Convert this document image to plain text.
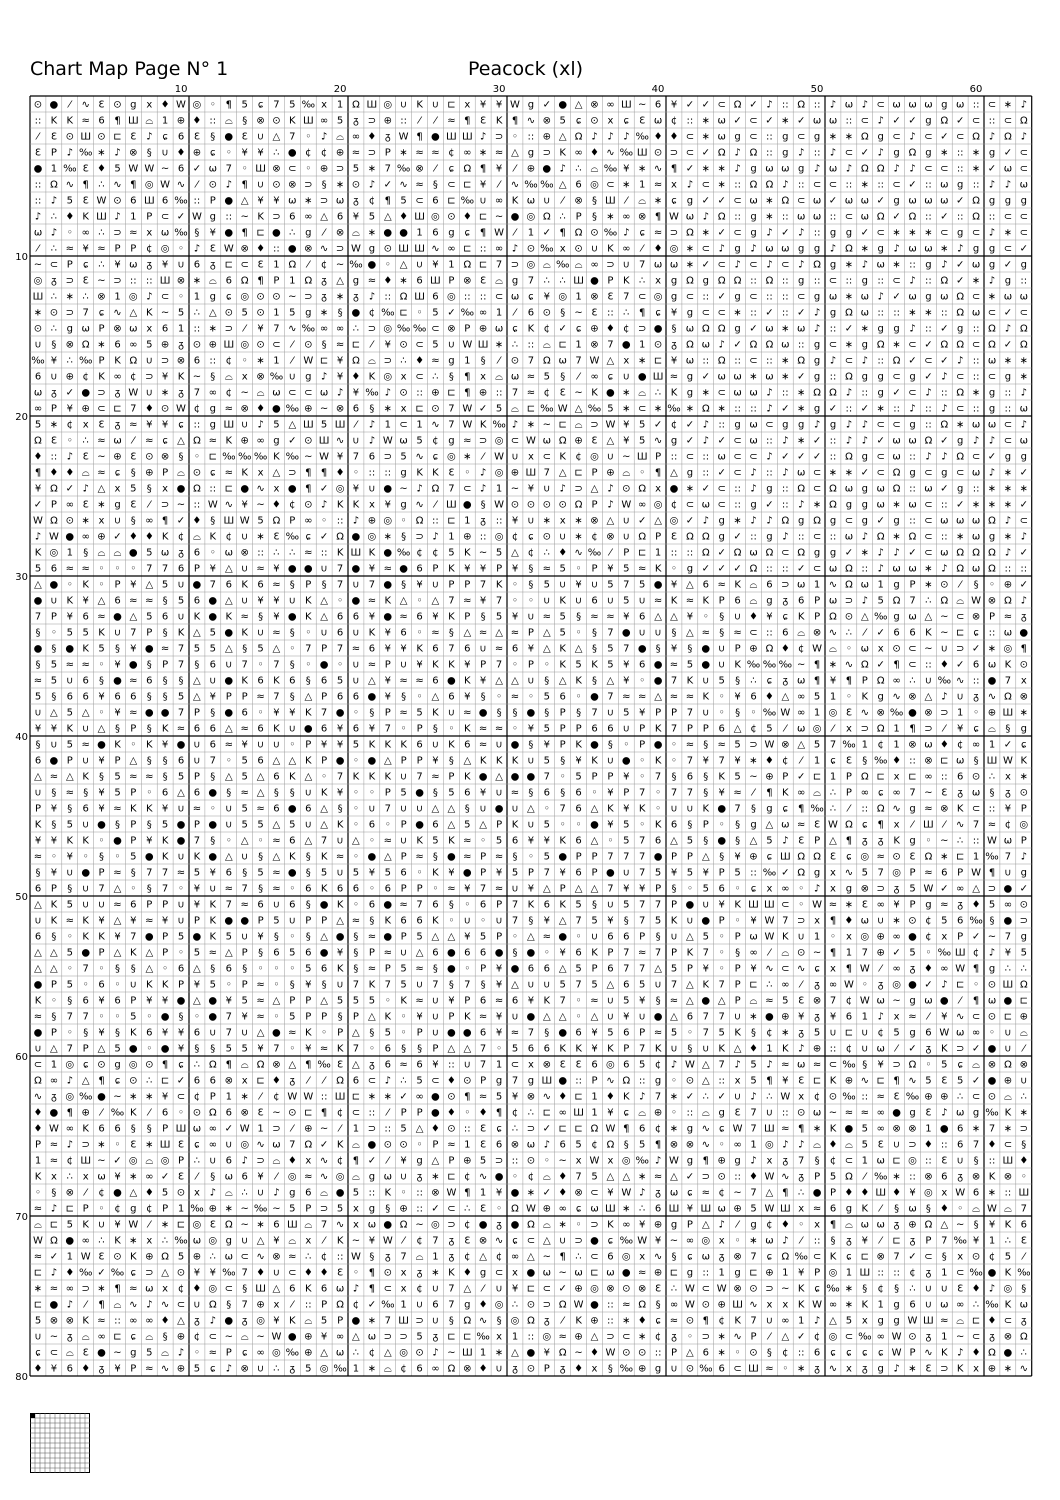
Chart Map Page N° 1	Peacock (xl)
10	20	30	40	50	60
10
20
30
40
50
60
70
80
⊙ ● ⁄ ∿ Ɛ ⊙ g x ♦ W ◎ ◦ ¶ 5 ɕ 7 5 ‰ x 1 Ω Ш ◎ ∪ K ∪ ⊏ x ¥ ¥ W g ✓ ● △ ⊗ ∞ Ш ~ 6 ¥ ✓ ✓ ⊂ Ω ✓ ♪ :: Ω :: ♪ ω ♪ ⊂ ω ω ω g ω :: ⊂ ∗ ♪
:: K K ≈ 6 ¶ Ш ⌓ 1 ⊕ ♦ :: ⌓ § ⊗ ⊙ K Ш ∞ 5 ᵹ ⊃ ⊕ :: ⁄ ⁄ ≈ ¶ Ɛ K ¶ ∿ ⊗ 5 ɕ ⊙ x ɕ Ɛ ω ¢ :: ∗ ω ✓ ⊂ ✓ ∗ ✓ ω ω :: ⊂ ♪ ✓ ✓ g Ω ✓ ⊂ :: ⊂ Ω
⁄ Ɛ ⊙ Ш ⊙ ⊏ Ɛ ♪ ɕ 6 Ɛ § ● Ɛ ∪ △ 7 ◦ ♪ ⌓ ∞ ♦ ᵹ W ¶ ● Ш Ш ♪ ⊃ ◦ :: ⊕ △ Ω ♪ ♪ ♪ ‰ ♦ ♦ ⊂ ∗ ω g ⊂ :: g ⊂ g ∗ ∗ Ω g ⊂ ♪ ⊂ ✓ ⊂ Ω ♪ Ω ♪
Ɛ P ♪ ‰ ∗ ♪ ⊗ § ∪ ♦ ⊕ ɕ ◦ ¥ ¥ ∴ ● ¢ ¢ ⊕ ≈ ⊃ P ∗ ≈ ≈ ¢ ∞ ∗ ≈ △ g ⊃ K ∞ ♦ ∿ ‰ Ш ⊙ ⊃ ⊂ ✓ Ω ♪ Ω :: g ♪ :: ♪ ⊂ ✓ ♪ g Ω g ∗ :: ∗ g ✓ ⊂
● 1 ‰ Ɛ ♦ 5 W W ~ 6 ✓ ω 7 ◦ Ш ⊗ ⊂ ◦ ⊕ ⊃ 5 ∗ 7 ‰ ⊗ ⁄ ɕ Ω ¶ ¥ ⁄ ⊕ ● ♪ ∴ ⌓ ‰ ¥ ∗ ∿ ¶ ✓ ∗ ∗ ♪ g ω ω g ♪ ω ♪ Ω Ω ♪ ♪ ⊂ ⊂ :: ∗ ✓ ω ⊂
:: Ω ∿ ¶ ∴ ∿ ¶ ◎ W ∿ ⁄ ⊙ ♪ ¶ ∪ ⊙ ⊗ ⊃ § ∗ ⊙ ♪ ✓ ∿ ≈ § ⊂ ⊏ ¥ ⁄ ∿ ‰ ‰ △ 6 ◎ ⊂ ∗ 1 ≈ x ♪ ⊂ ∗ :: Ω Ω ♪ :: ⊂ ⊂ :: ∗ :: ⊂ ✓ :: ω g :: ♪ ♪ ω
:: ♪ 5 Ɛ W ⊙ 6 Ш 6 ‰ :: P ● △ ¥ ¥ ω ∗ ⊃ ω ᵹ ¢ ¶ 5 ⊂ 6 ⊏ ‰ ∪ ∞ K ω ∪ ⁄ ⊗ § Ш ⁄ ⌓ ∗ ɕ g ✓ ✓ ⊂ ω ∗ Ω ⊂ ω ✓ ω ω ✓ g ω ω ω ✓ Ω g g g
♪ ∴ ♦ K Ш ♪ 1 P ⊂ ✓ W g :: ~ K ⊃ 6 ∞ △ 6 ¥ 5 △ ♦ Ш ◎ ⊙ ♦ ⊏ ~ ● ◎ Ω ∴ P § ∗ ∞ ⊗ ¶ W ω ♪ Ω :: g ∗ :: ω ω :: ⊂ ω Ω ✓ Ω :: ✓ :: Ω :: ⊂ ⊂
ω ♪ ◦ ∞ ∴ ⊃ ≈ x ω ‰ § ¥ ● ¶ ⊏ ● ∴ g ⁄ ⊗ ⌓ ∗ ● ● 1 6 g ɕ ¶ W ⁄ 1 ✓ ¶ Ω ⊙ ‰ ♪ ɕ ≈ ⊃ Ω ∗ ✓ ⊂ g ♪ ✓ ♪ :: g g ✓ ⊂ ∗ ∗ ∗ ⊂ g ⊂ ♪ ∗ ⊂
⁄ ∴ ≈ ¥ ≈ P P ¢ ◎ ◦ ♪ Ɛ W ⊗ ♦ :: ● ⊗ ∿ ⊃ W g ⊙ Ш Ш ∿ ∞ ⊏ :: ∞ ♪ ⊙ ‰ x ⊙ ∪ K ∞ ⁄ ♦ ◎ ∗ ⊂ ♪ g ♪ ω ω g g ♪ Ω ∗ g ♪ ω ω ∗ ♪ g g ⊂ ✓
~ ⊂ P ɕ ∴ ¥ ω ᵹ ¥ ∪ 6 ᵹ ⊏ ⊂ Ɛ 1 Ω ⁄ ¢ ~ ‰ ● ◦ △ ∪ ¥ 1 Ω ⊏ 7 ⊃ ◎ ⌓ ‰ ⌓ ∞ ⊃ ∪ 7 ω ω ∗ ✓ ⊂ ♪ ⊂ ♪ ⊂ ♪ Ω g ∗ ♪ ω ∗ :: g ♪ ✓ ω g ✓ g
◎ ᵹ ⊃ Ɛ ~ ⊃ :: :: Ш ⊗ ∗ ⌓ 6 Ω ¶ P 1 Ω ᵹ △ g ≈ ♦ ∗ 6 Ш P ⊗ Ɛ ⌓ g 7 ∴ ∴ Ш ● P K ∴ x g Ω g Ω Ω :: Ω :: g :: ⊂ :: g :: ⊂ ♪ :: Ω ✓ ∗ ♪ g ::
Ш ∴ ∗ ∴ ⊗ 1 ◎ ♪ ⊂ ◦ 1 g ɕ ◎ ⊙ ⊙ ~ ⊃ ᵹ ∗ ᵹ ♪ :: Ω Ш 6 ◎ :: :: ⊂ ω ɕ ¥ ◎ 1 ⊗ Ɛ 7 ⊂ ◎ g ⊂ :: ✓ g ⊂ :: :: ⊂ g ω ∗ ω ♪ ✓ ω g ω Ω ⊂ ∗ ω ω
∗ ⊙ ⊃ 7 ɕ ∿ △ K ~ 5 ∴ △ ⊙ 5 ⊙ 1 5 g ∗ § ● ¢ ‰ ⊏ ◦ 5 ✓ ‰ ∞ 1 ⁄ 6 ⊙ § ~ Ɛ :: ∴ ¶ ɕ ¥ g ⊂ ⊂ ∗ :: ✓ :: ✓ ♪ g Ω ω :: :: ∗ ∗ :: Ω ω ⊂ ✓ ⊂
⊙ ∴ g ω P ⊗ ω x 6 1 :: ∗ ⊃ ⁄ ¥ 7 ∿ ‰ ∞ ∞ ∴ ⊃ ◎ ‰ ‰ ⊂ ⊗ P ⊕ ω ɕ K ¢ ✓ ɕ ⊕ ♦ ¢ ⊃ ● § ω Ω Ω g ✓ ω ∗ ω ♪ :: ✓ ∗ g g ♪ :: ✓ g :: Ω ♪ Ω
∪ § ⊗ Ω ∗ 6 ∞ 5 ⊕ ᵹ ⊙ ⊕ Ш ◎ ⊙ ⊂ ⁄ ⊙ § ≈ ⊏ ⁄ ¥ ⊙ ⊂ 5 ∪ W Ш ∗ ∴ :: ⌓ ⊏ 1 ⊗ 7 ● 1 ⊙ ᵹ Ω ω ♪ ✓ Ω Ω ω :: g ⊂ ∗ g Ω ∗ ⊂ ✓ Ω Ω ⊂ Ω ✓ Ω
‰ ¥ ∴ ‰ P K Ω ∪ ⊃ ⊗ 6 :: ¢ ◦ ∗ 1 ⁄ W ⊏ ¥ Ω ⌓ ⊃ ∴ ♦ ≈ g 1 § ⁄ ⊙ 7 Ω ω 7 W △ x ∗ ⊏ ¥ ω :: Ω :: ⊂ :: ∗ Ω g ♪ ⊂ ♪ :: Ω ✓ ⊂ ✓ ♪ :: ω ∗ ∗
6 ∪ ⊕ ¢ K ∞ ¢ ⊃ ¥ K ~ § ⌓ x ⊗ ‰ ∪ g ♪ ¥ ♦ K ◎ x ⊂ ∴ § ¶ x ⌓ ω ≈ 5 § ⁄ ∞ ɕ ∪ ● Ш ≈ g ✓ ω ω ∗ ω ∗ ✓ g :: Ω g g ⊂ g ✓ ♪ ⊂ :: ⊂ g ∗
ω ᵹ ✓ ● ⊃ ᵹ W ∪ ∗ ᵹ 7 ∞ ¢ ~ ⌓ ω ⊂ ⊂ ω ♪ ¥ ‰ ♪ ⊙ :: ⊕ ⊏ ¶ ⊕ :: 7 ≈ ¢ Ɛ ~ K ● ∗ ⌓ ∴ K g ∗ ⊂ ω ω ♪ :: ∗ Ω Ω ♪ :: g ✓ ⊂ ♪ :: Ω ∗ g :: ♪
∞ P ¥ ⊕ ⊂ ⊏ 7 ♦ ⊙ W ¢ g ≈ ⊗ ♦ ● ‰ ⊕ ~ ⊗ 6 § ∗ x ⊏ ⊙ 7 W ✓ 5 ⌓ ⊏ ‰ W △ ‰ 5 ∗ ⊂ ∗ ‰ ∗ Ω ∗ :: :: ♪ ✓ ∗ g ✓ :: ✓ ∗ :: ♪ :: ♪ ⊂ :: g :: ω
5 ∗ ¢ x Ɛ ᵹ ≈ ¥ ¥ ɕ :: g Ш ∪ ♪ 5 △ Ш 5 Ш ⁄ ♪ 1 ⊂ 1 ∿ 7 W K ‰ ♪ ∗ ~ ⊏ ⌓ ⊃ W ¥ 5 ✓ ¢ ✓ ♪ :: g ω ⊂ g g ♪ g ♪ ♪ ⊂ ⊂ g :: Ω ∗ ω ω ⊂ ♪
Ω Ɛ ◦ ∴ ≈ ω ⁄ ≈ ɕ △ Ω ≈ K ⊕ ∞ g ✓ ⊙ Ш ∿ ∪ ♪ W ω 5 ¢ g ≈ ⊃ ◎ ⊂ W ω Ω ⊕ Ɛ △ ¥ 5 ∿ g ✓ ♪ ✓ ⊂ ω :: ♪ ∗ ✓ :: ♪ ♪ ✓ ω ω Ω ✓ g ♪ ♪ ⊂ ω
♦ :: ♪ Ɛ ~ ⊕ Ɛ ⊙ ⊗ § ◦ ⊏ ‰ ‰ ‰ K ‰ ~ W ¥ 7 6 ⊃ 5 ∿ ɕ ◎ ∗ ⁄ W ∪ x ⊂ K ¢ ◎ ∪ ~ Ш P :: ⊂ :: ω ⊂ ⊂ ♪ ✓ ✓ ✓ :: Ω g ⊂ ω :: ♪ ♪ Ω ⊂ ✓ g g
¶ ♦ ♦ ⌓ ≈ ɕ § ⊕ P ⌓ ⊙ ɕ ≈ K x △ ⊃ ¶ ¶ ♦ ◦ :: :: g K K Ɛ ◦ ♪ ◎ ⊕ Ш 7 △ ⊏ P ⊕ ⌓ ◦ ¶ △ g :: ✓ ⊂ ♪ :: ♪ ω ⊂ ∗ ∗ ✓ ⊂ Ω g ⊂ g ⊂ ω ♪ ∗ ✓
¥ Ω ✓ ♪ △ x 5 § x ● Ω :: ⊏ ● ∿ x ● ¶ ✓ ◎ ¥ ∪ ● ~ ♪ Ω 7 ⊂ ♪ 1 ~ ¥ ∪ ♪ ⊃ △ ♪ ⊙ Ω x ● ∗ ✓ ⊂ :: ♪ g :: Ω ⊂ Ω ω g ω Ω :: ω ✓ g :: ∗ ∗ ∗
✓ P ∞ Ɛ ∗ g Ɛ ⁄ ⊃ ~ :: W ∿ ¥ ~ ♦ ¢ ⊙ ♪ K K x ¥ g ∿ ⁄ Ш ● § W ⊙ ⊙ ⊙ ⊙ Ω P ♪ W ∞ ◎ ¢ ⊂ ω ⊂ :: g ✓ :: ♪ ∗ Ω g g ω ∗ ω ⊂ :: ✓ ∗ ∗ ∗ ✓
W Ω ⊙ ∗ x ∪ § ∞ ¶ ✓ ♦ § Ш W 5 Ω P ∞ ◦ :: ♪ ⊕ ◎ ◦ Ω :: ⊏ 1 ᵹ :: ¥ ∪ ∗ x ∗ ⊗ △ ∪ ✓ △ ◎ ✓ ♪ g ∗ ♪ ♪ Ω g Ω g ⊂ g ✓ g :: ⊂ ω ω ω Ω ♪ ⊂
♪ W ● ∞ ⊕ ✓ ♦ ♦ K ¢ ⌓ K ¢ ∪ ∗ Ɛ ‰ ɕ ✓ Ω ● ◎ ∗ § ⊃ ♪ 1 ⊕ :: ◎ ¢ ɕ ⊙ ∪ ∗ ¢ ⊗ ∪ Ω P Ɛ Ω Ω g ✓ :: g ♪ :: ⊂ :: ω ♪ Ω ∗ Ω ⊂ :: ∗ ω g ∗ ♪
K ◎ 1 § ⌓ ⌓ ● 5 ω ᵹ 6 ◦ ω ⊗ :: ∴ ∴ ≈ :: K Ш K ● ‰ ¢ ¢ 5 K ~ 5 △ ¢ ∴ ♦ ∿ ‰ ⁄ P ⊏ 1 :: :: Ω ✓ Ω ω Ω ⊂ Ω g g ✓ ∗ ♪ ♪ ✓ ⊂ ω Ω Ω Ω ♪ ✓
5 6 ≈ ≈ ◦ ◦ ◦ 7 7 6 P ¥ △ ∪ ≈ ¥ ● ● ∪ 7 ● ¥ ≈ ● 6 P K ¥ ¥ P ¥ § ≈ 5 ◦ P ¥ 5 ≈ K ◦ g ✓ ✓ ✓ Ω :: :: ✓ ⊂ ω Ω :: ♪ ω ω ∗ ♪ Ω ω Ω :: ::
△ ● ◦ K ◦ P ¥ △ 5 ∪ ● 7 6 K 6 ≈ § P § 7 ∪ 7 ● § ¥ ∪ P P 7 K ◦ § 5 ∪ ¥ ∪ 5 7 5 ● ¥ △ 6 ≈ K ⌓ 6 ⊃ ω 1 ∿ Ω ω 1 g P ∗ ⊙ ⁄ § ◦ ⊕ ✓
● ∪ K ¥ △ 6 ≈ ≈ § 5 6 ● △ ∪ ¥ ¥ ∪ K △ ◦ ● ≈ K △ ◦ △ 7 ≈ ¥ 7 ◦ ◦ ∪ K ∪ 6 ∪ 5 ∪ ≈ K ≈ K P 6 ⌓ g ᵹ 6 P ω ⊃ ♪ 5 Ω 7 ∴ Ω ⌓ W ⊗ Ω ♪
7 P ¥ 6 ≈ ● △ 5 6 ∪ K ● K ≈ § ¥ ● K △ 6 6 ¥ ● ≈ 6 ¥ K P § 5 ¥ ∪ ≈ 5 § ≈ ≈ ¥ 6 △ △ ¥ ◦ § ∪ ♦ ¥ ɕ K P Ω ⊙ △ ‰ g ω △ ~ ⊂ ⊗ P ≈ ᵹ
§ ◦ 5 5 K ∪ 7 P § K △ 5 ● K ∪ ≈ § ◦ ∪ 6 ∪ K ¥ 6 ◦ ≈ § △ ≈ △ ≈ P △ 5 ◦ § 7 ● ∪ ∪ § △ ≈ § ≈ ⊂ :: 6 ⌓ ⊗ ∿ ∴ ⁄ ✓ 6 6 K ~ ⊏ ɕ :: ω ●
● § ● K 5 § ¥ ● ≈ 7 5 5 △ § 5 △ ◦ 7 P 7 ≈ 6 ¥ ¥ K 6 7 6 ∪ ≈ 6 ¥ △ K △ § 5 7 ● § ¥ § ● ∪ P ⊕ Ω ♦ ¢ W ⌓ ◦ ω x ⊙ ⊂ ~ ∪ ⊃ ✓ ∗ ◎ ¶
§ 5 ≈ ≈ ◦ ¥ ● § P 7 § 6 ∪ 7 ◦ 7 § ◦ ● ◦ ∪ ≈ P ∪ ¥ K K ¥ P 7 ◦ P ◦ K 5 K 5 ¥ 6 ● ≈ 5 ● ∪ K ‰ ‰ ‰ ~ ¶ ∗ ∿ Ω ✓ ¶ ⊂ :: ♦ ✓ 6 ω K ⊙
≈ 5 ∪ 6 § ● ≈ 6 § § △ ∪ ● K 6 K 6 § 6 5 ∪ △ ¥ ≈ ≈ 6 ● K ¥ △ △ ∪ § △ K § △ ¥ ◦ ● 7 K ∪ 5 § ∴ ɕ ᵹ ω ¶ ¥ ¶ P Ω ∞ ∴ ∪ ‰ ∿ :: ● 7 x
5 § 6 6 ¥ 6 6 § § 5 △ ¥ P P ≈ 7 § △ P 6 6 ● ¥ § ◦ △ 6 ¥ § ◦ ≈ ◦ 5 6 ◦ ● 7 ≈ ≈ △ ≈ ≈ K ◦ ¥ 6 ♦ △ ∞ 5 1 ◦ K g ∿ ⊗ △ ♪ ∪ ᵹ ∿ Ω ⊗
∪ △ 5 △ ◦ ¥ ≈ ● ● 7 P § ● 6 ◦ ¥ ¥ K 7 ● ◦ § P ≈ 5 K ∪ ≈ ● § § ● § P § 7 ∪ 5 ¥ P P 7 ∪ ◦ § ◦ ‰ W ∞ 1 ◎ Ɛ ∿ ⊗ ‰ ● ⊗ ⊃ 1 ◦ ⊕ Ш ∗
¥ ¥ K ∪ △ § P § K ≈ 6 6 △ ≈ 6 K ∪ ● 6 ¥ 6 ¥ 7 ◦ P § ◦ K ≈ ≈ ◦ ¥ 5 P P 6 6 ∪ P K 7 P P 6 △ ¢ 5 ⁄ ω ◎ ⁄ x ⊃ Ω 1 ¶ ⊃ ⁄ ¥ ɕ ⌓ § g
§ ∪ 5 ≈ ● K ◦ K ¥ ● ∪ 6 ≈ ¥ ∪ ∪ ◦ P ¥ ¥ 5 K K K 6 ∪ K 6 ≈ ∪ ● § ¥ P K ● § ◦ P ● ◦ ≈ § ≈ 5 ⊃ W ⊗ △ 5 7 ‰ 1 ¢ 1 ⊗ ω ♦ ¢ ∞ 1 ✓ ɕ
6 ● P ∪ ¥ P △ § § 6 ∪ 7 ◦ 5 6 △ △ K P ● ◦ ● △ P P ¥ § △ K K K ∪ 5 § ¥ K ∪ ● ◦ K ◦ 7 ¥ 7 ¥ ∗ ♦ ¢ ⁄ 1 ɕ Ɛ § ‰ ♦ :: ⊗ ⊏ ω § Ш W K
△ ≈ △ K § 5 ≈ ≈ § 5 P § △ 5 △ 6 K △ ◦ 7 K K K ∪ 7 ≈ P K ● △ ● ● 7 ◦ 5 P P ¥ ◦ 7 § 6 § K 5 ~ ⊕ P ✓ ⊏ 1 P Ω ⊏ x ⊏ ∞ :: 6 ⊙ ∴ x ∗
∪ § ≈ § ¥ 5 P ◦ 6 △ 6 ● § ≈ △ § § ∪ K ¥ ◦ ◦ P 5 ● § 5 6 ¥ ∪ ≈ § 6 § 6 ◦ ¥ P 7 ◦ 7 7 § ¥ ≈ ⁄ ¶ K ∞ ⌓ ∴ P ∞ ɕ ∞ 7 ~ Ɛ ᵹ ω § ᵹ ⊙
P ¥ § 6 ¥ ≈ K K ¥ ∪ ≈ ◦ ∪ 5 ≈ 6 ● 6 △ § ◦ ∪ 7 ∪ ∪ △ △ § ∪ ● ∪ △ ◦ 7 6 △ K ¥ K ◦ ∪ ∪ K ● 7 § g ɕ ¶ ‰ ∴ ⁄ :: Ω ∿ g ≈ ⊗ K ⊂ :: ¥ P
K § 5 ∪ ● § P § 5 ● P ● ∪ 5 5 △ 5 ∪ △ K ◦ 6 ◦ P ● 6 △ 5 △ P K ∪ 5 ◦ ◦ ● ¥ 5 ◦ K 6 § P ◦ § g △ ω ≈ Ɛ W Ω ɕ ¶ x ⁄ Ш ⁄ ∿ 7 ≈ ¢ ◎
¥ ¥ K K ◦ ● P ¥ K ● 7 § ◦ △ ◦ ≈ 6 △ 7 ∪ △ ◦ ≈ ∪ K 5 K ≈ ◦ 5 6 ¥ ¥ K 6 △ ◦ 5 7 6 △ 5 § ● § △ 5 ♪ Ɛ P △ ¶ ᵹ ᵹ K g ◦ ~ ∴ :: W ω P
≈ ◦ ¥ ◦ § ◦ 5 ● K ∪ K ● △ ∪ § △ K § K ≈ ◦ ● △ P ≈ § ● ≈ P ≈ § ◦ 5 ● P P 7 7 7 ● P P △ § ¥ ⊕ ɕ Ш Ω Ω Ɛ ɕ ◎ ≈ ⊙ Ɛ Ω ∗ ⊏ 1 ‰ 7 ♪
§ ¥ ∪ ● P ≈ § 7 7 ≈ 5 ¥ 6 § 5 ≈ ● § 5 ∪ 5 ¥ 5 6 ◦ K ¥ ● P ¥ 5 P 7 ¥ 6 P ● ∪ 7 5 ¥ 5 ¥ P 5 :: ‰ ✓ Ω g x ∿ 5 7 ◎ P ≈ 6 P W ¶ ∪ g
6 P § ∪ 7 △ ◦ § 7 ◦ ¥ ∪ ≈ 7 § ≈ ◦ 6 K 6 6 ◦ 6 P P ◦ ≈ ¥ 7 ≈ ∪ ¥ △ P △ △ 7 ¥ ¥ P § ◦ 5 6 ◦ ɕ x ∞ ◦ ♪ x g ⊗ ⊃ ᵹ 5 W ✓ ∞ △ ⊃ ● ✓
△ K 5 ∪ ∪ ≈ 6 P P ∪ ¥ K 7 ≈ 6 ∪ 6 § ● K ◦ 6 ● ≈ 7 6 § ◦ 6 P 7 K 6 K 5 § ∪ 5 7 7 P ● ∪ ¥ K Ш Ш ⊂ ◦ W ≈ ∗ Ɛ ∞ ¥ P g ≈ ᵹ ♦ 5 ∞ ⊙
∪ K ≈ K ¥ △ ¥ ≈ ¥ ∪ P K ● ● P 5 ∪ P P △ ≈ § K 6 6 K ◦ ∪ ◦ ∪ 7 § ¥ △ 7 5 ¥ § 7 5 K ∪ ● P ◦ ¥ W 7 ⊃ x ¶ ♦ ω ∪ ∗ ⊙ ¢ 5 6 ‰ § ● ⊃
6 § ◦ K K ¥ 7 ● P 5 ● K 5 ∪ ¥ § ◦ § △ ● § ≈ ● P 5 △ △ ¥ 5 P ◦ △ ≈ ● ◦ ∪ 6 6 P § ∪ △ 5 ◦ P ω W K ∪ 1 ◦ x ◎ ⊕ ∞ ● ¢ x P ✓ ~ 7 g
△ △ 5 ● P △ K △ P ◦ 5 ≈ △ P § 6 5 6 ● ¥ § P ≈ ∪ △ 6 ● 6 6 ● § ● ◦ ¥ 6 K P 7 ≈ 7 P K 7 ◦ § ∞ ⁄ ⌓ ⊙ ~ ¶ 1 7 ⊕ ✓ 5 ◦ ‰ Ш ¢ ♪ ¥ 5
△ △ ◦ 7 ◦ § § △ ◦ 6 △ § 6 § ◦ ◦ ◦ 5 6 K § ≈ P 5 ≈ § ● ◦ P ¥ ● 6 6 △ 5 P 6 7 7 △ 5 P ¥ ◦ P ¥ ∿ ⊂ ∿ ɕ x ¶ W ⁄ ∞ ᵹ ♦ ∞ W ¶ g ∴ ∴
● P 5 ◦ 6 ◦ ∪ K K P ¥ 5 ◦ P ≈ ◦ § ¥ § ∪ 7 K 7 5 ∪ 7 § 7 § ¥ △ ∪ ∪ 5 7 5 △ 6 5 ∪ 7 △ K 7 P ⊏ ∴ ∞ ⁄ ᵹ ∞ W ◦ ᵹ ◎ ● ✓ ♪ ⊏ ◦ ⊙ Ш Ω
K ◦ § 6 ¥ 6 P ¥ ¥ ● △ ● ¥ 5 ≈ △ P P △ 5 5 5 ◦ K ≈ ∪ ¥ P 6 ≈ 6 ¥ K 7 ◦ ≈ ∪ 5 ¥ § ≈ △ ● △ P ⌓ ≈ 5 Ɛ ⊗ 7 ¢ W ω ~ g ω ● ⁄ ¶ ω ● ⊏
≈ § 7 7 ◦ ◦ 5 ◦ ● § ◦ ● 7 ¥ ≈ ◦ 5 P P § P △ K ◦ ¥ ∪ P K ≈ ¥ ∪ ● △ △ ◦ △ ∪ ¥ ∪ ● △ 6 7 7 ∪ ∗ ● ⊕ ¥ ᵹ ¥ 6 1 ♪ x ≈ ⁄ ¥ ∿ ⊂ ⊙ ⊏ ⊕
● P ◦ § ¥ § K 6 ¥ ¥ 6 ∪ 7 ∪ △ ● ≈ K ◦ P △ § 5 ◦ P ∪ ● ● 6 ¥ ≈ 7 § ● 6 ¥ 5 6 P ≈ 5 ◦ 7 5 K § ¢ ∗ ᵹ 5 ∪ ⊏ ∪ ¢ 5 g 6 W ω ∞ ◦ ∪ ⌓
∪ △ 7 P △ 5 ● ◦ ● ¥ § § 5 5 ¥ 7 ◦ ¥ ≈ K 7 ◦ 6 § § P △ △ 7 ◦ 5 6 6 K K ¥ K P 7 K ∪ § ∪ K △ ♦ 1 K ♪ ⊕ :: ¢ ∪ ω ⁄ ✓ ᵹ K ⊃ ✓ ● ∪ ⁄
⊂ 1 ◎ ɕ ⊙ g ◎ ⊙ ¶ ɕ ∴ Ω ¶ ⌓ Ω ⊗ △ ¶ ‰ Ɛ △ ᵹ 6 ≈ 6 ¥ :: ∪ 7 1 ⊂ x ⊗ Ɛ Ɛ 6 ◎ 6 5 ¢ ♪ W △ 7 ♪ 5 ♪ ≈ ω ≈ ⊂ ‰ § ¥ ⊃ Ω ◦ 5 ɕ ⌓ ⊗ Ω ⊗
Ω ∞ ♪ △ ¶ ɕ ⊙ ∴ ⊏ ✓ 6 6 ⊗ x ⊏ ♦ ᵹ ⁄ ⁄ Ω 6 ⊂ ♪ ∴ 5 ⊂ ♦ ⊙ P g 7 g Ш ● :: P ∿ Ω :: g ◦ ⊙ △ :: x 5 ¶ ¥ Ɛ ⊏ K ⊕ ∿ ⊏ ¶ ∿ 5 Ɛ 5 ✓ ● ⊕ ∪
∿ ᵹ ◎ ‰ ● ~ ∗ ∗ ¥ ⊂ ¢ P 1 ∗ ⁄ ¢ W W :: Ш ⊏ ∗ ∗ ✓ ∞ ● ⊙ ¶ ≈ 5 ¥ ⊗ ∿ ♦ ⊏ 1 ♦ K ♪ 7 ∗ ✓ ∴ ✓ ∪ ♪ ∴ W x ¢ ⊙ ‰ :: ≈ Ɛ ‰ ⊕ ⊕ ∴ ⊂ ⊙ ⌓ ∴
♦ ● ¶ ⊕ ⁄ ‰ K ⁄ 6 ◦ ⊙ Ω 6 ⊗ Ɛ ~ ⊙ ⊏ ¶ ¢ ⊂ :: ⁄ P P ● ♦ ◦ ♦ ¶ ¢ ∴ ⊏ ∞ Ш 1 ¥ ɕ ⌓ ⊕ ◦ :: ⌓ g Ɛ 7 ∪ :: ⊙ ω ~ ≈ ≈ ∞ ● g Ɛ ♪ ω g ‰ K ∗
♦ W ∞ K 6 6 § § P Ш ω ∞ ✓ W 1 ⊃ ⁄ ⊕ ~ ⁄ 1 ⊃ :: 5 △ ♦ ⊙ :: Ɛ ɕ ∴ ⊃ ✓ ⊏ ⊏ Ω W ¶ 6 ¢ ∗ g ∿ ɕ W 7 Ш ≈ ¶ ∗ K ● 5 ∞ ⊗ ⊗ 1 ● 6 ∗ 7 ∗ ⊃
P ≈ ♪ ⊃ ∗ ◦ Ɛ ∗ Ш Ɛ ɕ ∞ ∪ ◎ ∿ ω 7 Ω ✓ K ⌓ ● ⊙ ⊙ ◦ P ≈ 1 Ɛ 6 ⊗ ω ♪ 6 5 ¢ Ω § 5 ¶ ⊗ ⊗ ∿ ◦ ∞ 1 ◎ ♪ ♪ ⌓ ♦ ⌓ 5 Ɛ ∪ ⊃ ♦ :: 6 7 ♦ ⊂ §
1 ≈ ¢ Ш ~ ✓ ◎ ⌓ ◎ P ∴ ∪ 6 ♪ ⊃ ⌓ ♦ x ∿ ¢ ¶ ✓ ⁄ ¥ g △ P ⊕ 5 ⊃ :: ⊙ ◦ ~ x W x ◎ ‰ ♪ W g ¶ ⊕ g ♪ x ᵹ 7 § ¢ ⊂ 1 ω ⊏ ◎ :: Ɛ ∪ § :: Ш ♦
K x ∴ x ω ¥ ∗ ∞ ✓ Ɛ ⁄ § ω 6 ¥ ⁄ ◎ ≈ ∿ ◎ ⌓ g ω ∪ ᵹ ∗ ⊏ ¢ ∿ ● ◦ ¢ ⌓ ♦ 7 5 △ △ ∗ ≈ △ ✓ ⊃ ⊙ :: ♦ W ∿ ᵹ P 5 Ω ⁄ ‰ ∗ :: ⊗ 6 ᵹ ⊗ K ⊗ ◦
◦ § ⊗ ⁄ ¢ ● △ ♦ 5 ⊙ x ♪ ⌓ ∴ ∪ ♪ g 6 ⌓ ● 5 :: K ◦ :: ⊗ W ¶ 1 ¥ ● ∗ ✓ ♦ ⊗ ⊂ ¥ W ♪ ᵹ ω ɕ ≈ ¢ ~ 7 △ ¶ ∴ ● P ♦ ♦ Ш ♦ ¥ ◎ x W 6 ∗ :: Ш
≈ ♪ ⊏ P ◦ ¢ g ¢ P 1 ‰ ⊕ ∗ ~ ‰ ~ 5 P ⊃ 5 x g § ⊕ :: ✓ ⊂ ∴ Ɛ ◦ Ω W ⊕ ∞ ɕ ω Ш ∗ ∴ 6 Ш ¥ Ш ω ⊕ 5 W Ш x ≈ 6 g K ⁄ § ω § ♦ ◦ ⌓ W ⌓ 7
⌓ ⊏ 5 K ∪ ¥ W ⁄ ∗ ⊏ ◎ Ɛ Ω ~ ∗ 6 Ш ⌓ 7 ∿ x ω ● Ω ~ ◎ ⊃ ¢ ● ᵹ ● Ω ⌓ ∗ ◦ ⊃ K ∞ ¥ ⊕ g P △ ♪ ⁄ g ¢ ♦ ◦ x ¶ ⌓ ω ω ᵹ ⊕ Ω △ ~ § ¥ K 6
W Ω ● ∞ ∴ K ∗ x ∴ ‰ ω ◎ g ∪ △ ¥ ⌓ x ⁄ K ~ ¥ W ⁄ ¢ 7 ᵹ Ɛ ⊗ ∿ ɕ ⊂ △ ∪ ⊃ ● ɕ ‰ W ¥ ~ ∞ ◎ x ◦ ∗ ω ♪ ⁄ :: § ᵹ ¥ ⁄ ⊏ ᵹ P 7 ‰ ¥ 1 ∴ Ɛ
≈ ✓ 1 W Ɛ ⊙ K ⊕ Ω 5 ⊕ ∴ ω ⊂ ∿ ⊗ ≈ ∴ ¢ :: W § ᵹ 7 ⌓ 1 ᵹ ¢ △ ¢ ∞ △ ~ ¶ ∴ ⊂ 6 ◎ x ∿ § ɕ ω ᵹ ⊗ 7 ɕ Ω ‰ ⊂ K ɕ ⊏ ⊗ 7 ✓ ⊂ § x ⊙ ¢ 5 ⁄
⊏ ♪ ♦ ‰ ✓ ‰ ɕ ⊃ △ ⊙ ¥ ¥ ‰ 7 ♦ ∪ ⊂ ♦ ♦ Ɛ ◦ ¶ ⊙ x ᵹ ∗ K ♦ g ⊂ x ● ω ~ ω ⊏ ω ● ≈ ⊕ ⊏ g :: 1 g ⊏ ⊕ 1 ¥ P ◎ 1 Ш :: :: ¢ ᵹ 1 ⊂ ‰ ● K ‰
∗ ≈ ∞ ⊃ ∗ ¶ ≈ ω x ¢ ♦ ◎ ⊂ § Ш △ 6 K 6 ω ♪ ¶ ⊂ x ¢ ∪ 7 △ ⁄ ∪ ¥ ⊏ ⊂ ✓ ⊕ ◎ ⊗ ⊙ ⊗ Ɛ ∴ W ⊂ W ⊗ ⊙ ⊃ ~ K ɕ ‰ ∗ § ¢ § ∴ ∪ ∪ Ɛ ♦ ♪ ◎ §
⊏ ● ♪ ⁄ ¶ ⌓ ∿ ♪ ∿ ⊂ ∪ Ω § 7 ⊕ x ⁄ :: P Ω ¢ ✓ ‰ 1 ∪ 6 7 g ♦ ◎ ∴ ⊙ ⊃ Ω W ● :: ≈ Ω § ∞ W ⊙ ⊕ Ш ∿ x x K W ∞ ∗ K 1 g 6 ∪ ω ∞ ∴ ‰ K ω
5 ⊗ ⊗ K ≈ :: ∞ ∞ ♦ △ ᵹ ♪ ● ᵹ ◎ ¥ K ⌓ 5 P ● ∗ 7 Ш ⊃ ∪ § Ω ∿ § ◎ Ω ᵹ ⁄ K ⊕ :: ∗ ♦ ɕ ≈ ⊙ ¶ ¢ K 7 ∪ ∞ 1 ♪ △ 5 x g g W Ш ≈ ⌓ ⊏ ♦ ⊂ ᵹ
∪ ~ ᵹ ⌓ ∞ ⊏ ɕ ⌓ § ⊕ ¢ ⊂ ~ ⌓ ~ W ● ⊕ ¥ ∞ △ ω ⊃ ⊃ 5 ᵹ ⊏ ⊏ ‰ x 1 :: ◎ ≈ ⊕ △ ⊃ ⊂ ∗ ¢ ᵹ ◦ ⊃ ∗ ∿ P ⁄ △ ✓ ¢ ◎ ⊂ ‰ ∞ W ⊙ ᵹ 1 ~ ⊂ ᵹ ⊗ Ω
ɕ ⊂ ⌓ Ɛ ● ~ g 5 ⌓ ♪ ◦ ≈ P ɕ ∞ ◎ ‰ ⊕ △ ω ∴ ¢ △ ◎ ⊙ ♪ ~ Ш 1 ∗ △ ● ¥ Ω ~ ♦ W ⊙ ⊙ :: P △ 6 ∗ ◦ ⊙ § ¢ :: 6 ɕ ɕ ɕ ɕ W P ∿ K ♪ ♦ Ω ● ∴
♦ ¥ 6 ♦ ᵹ ¥ P ≈ ∿ ⊕ 5 ɕ ♪ ⊗ ∪ ∴ ᵹ 5 ◎ ‰ 1 ∗ ⌓ ¢ 6 ∞ Ω ⊗ ♦ ∪ ᵹ ⊙ P ᵹ ♦ x § ‰ ⊕ g ∪ ⊙ ‰ 6 ⊂ Ш ≈ ◦ ∗ ᵹ ∿ x ᵹ g ♪ ∗ Ɛ ⊃ K x ⊕ ∗ ∿
